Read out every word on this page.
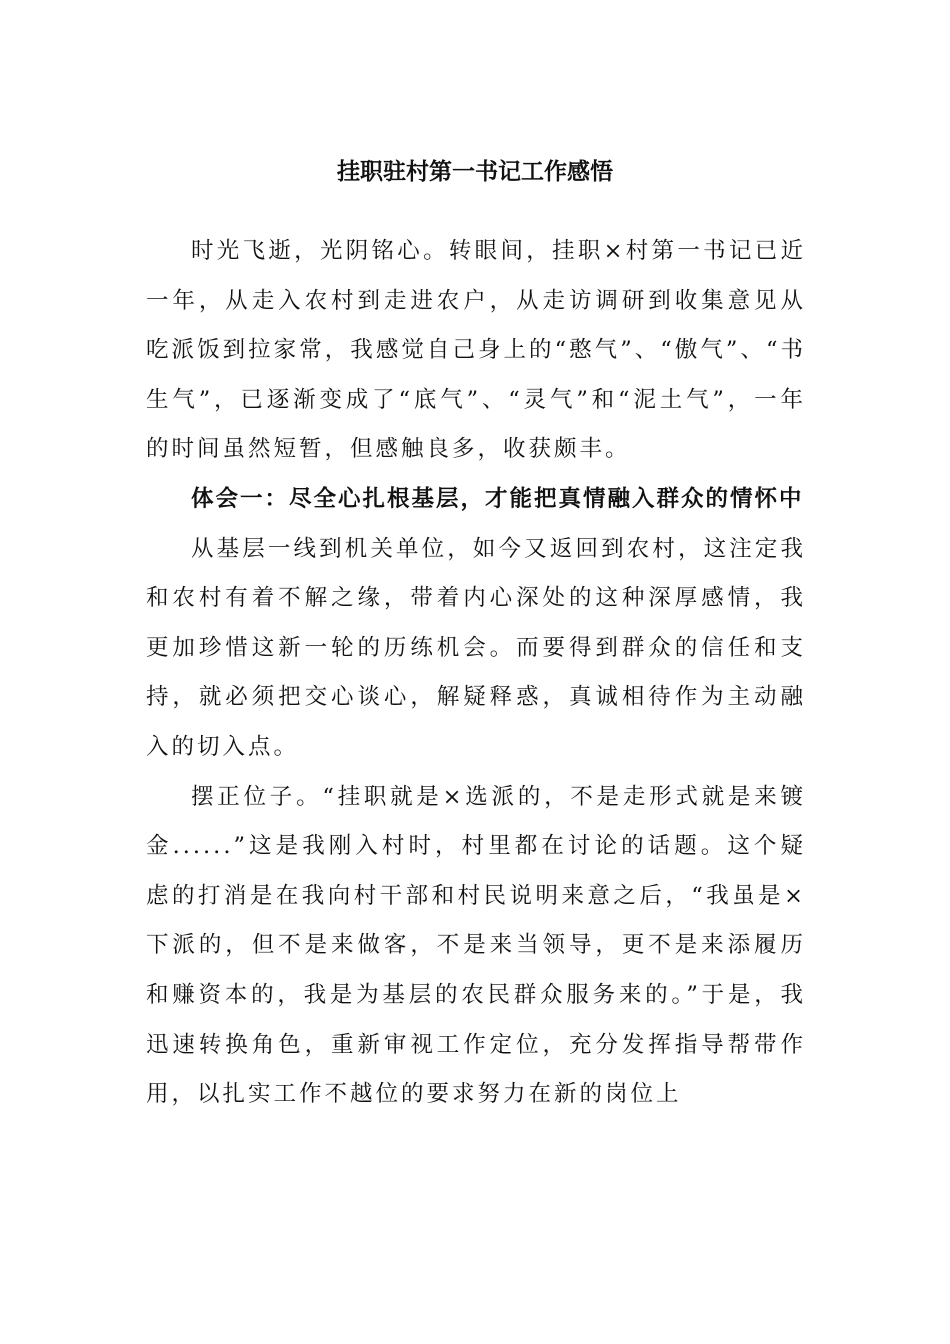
挂职驻村第一书记工作感悟

时光飞逝，光阴铭心。转眼间，挂职×村第一书记已近一年，从走入农村到走进农户，从走访调研到收集意见从吃派饭到拉家常，我感觉自己身上的“憨气”、“傲气”、“书生气”，已逐渐变成了“底气”、“灵气”和“泥土气”，一年的时间虽然短暂，但感触良多，收获颇丰。

体会一：尽全心扎根基层，才能把真情融入群众的情怀中

从基层一线到机关单位，如今又返回到农村，这注定我和农村有着不解之缘，带着内心深处的这种深厚感情，我更加珍惜这新一轮的历练机会。而要得到群众的信任和支持，就必须把交心谈心，解疑释惑，真诚相待作为主动融入的切入点。

摆正位子。“挂职就是×选派的，不是走形式就是来镀金......”这是我刚入村时，村里都在讨论的话题。这个疑虑的打消是在我向村干部和村民说明来意之后，“我虽是×下派的，但不是来做客，不是来当领导，更不是来添履历和赚资本的，我是为基层的农民群众服务来的。”于是，我迅速转换角色，重新审视工作定位，充分发挥指导帮带作用，以扎实工作不越位的要求努力在新的岗位上
